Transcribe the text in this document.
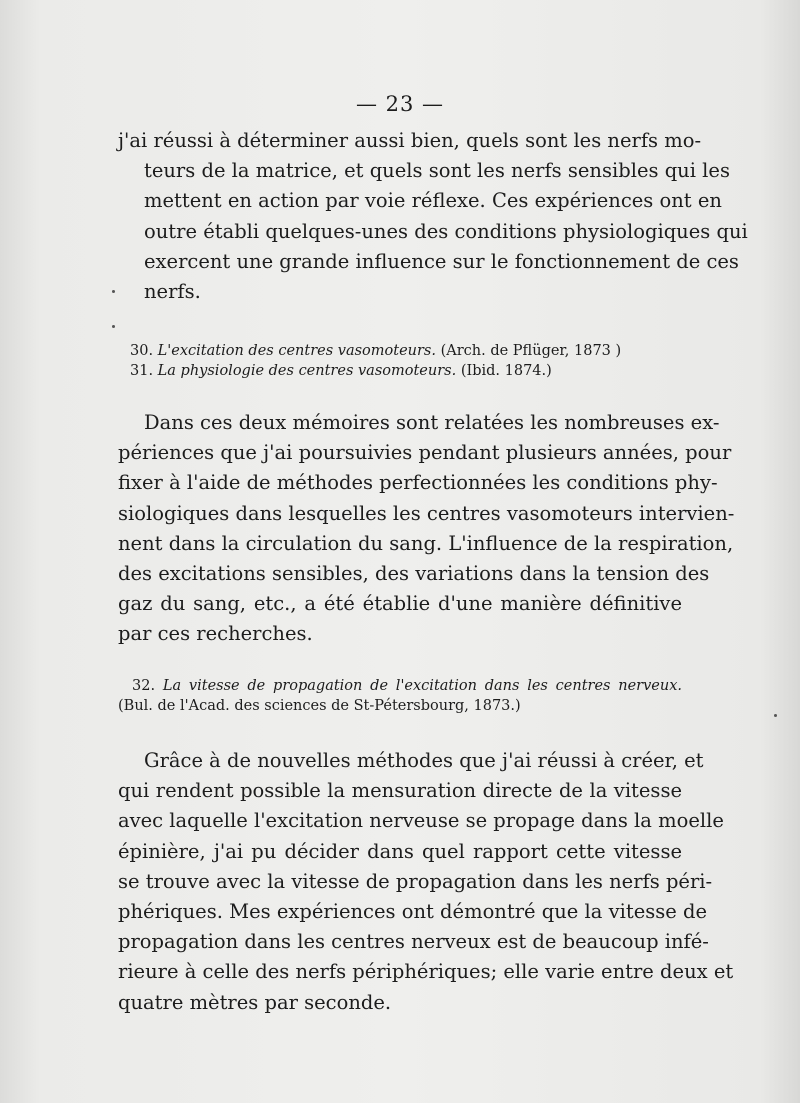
— 23 —

j'ai réussi à déterminer aussi bien, quels sont les nerfs mo-
teurs de la matrice, et quels sont les nerfs sensibles qui les
mettent en action par voie réflexe. Ces expériences ont en
outre établi quelques-unes des conditions physiologiques qui
exercent une grande influence sur le fonctionnement de ces
nerfs.

30. L'excitation des centres vasomoteurs. (Arch. de Pflüger, 1873 )
31. La physiologie des centres vasomoteurs. (Ibid. 1874.)

Dans ces deux mémoires sont relatées les nombreuses ex-
périences que j'ai poursuivies pendant plusieurs années, pour
fixer à l'aide de méthodes perfectionnées les conditions phy-
siologiques dans lesquelles les centres vasomoteurs intervien-
nent dans la circulation du sang. L'influence de la respiration,
des excitations sensibles, des variations dans la tension des
gaz du sang, etc., a été établie d'une manière définitive
par ces recherches.

32. La vitesse de propagation de l'excitation dans les centres nerveux.
(Bul. de l'Acad. des sciences de St-Pétersbourg, 1873.)

Grâce à de nouvelles méthodes que j'ai réussi à créer, et
qui rendent possible la mensuration directe de la vitesse
avec laquelle l'excitation nerveuse se propage dans la moelle
épinière, j'ai pu décider dans quel rapport cette vitesse
se trouve avec la vitesse de propagation dans les nerfs péri-
phériques. Mes expériences ont démontré que la vitesse de
propagation dans les centres nerveux est de beaucoup infé-
rieure à celle des nerfs périphériques; elle varie entre deux et
quatre mètres par seconde.
